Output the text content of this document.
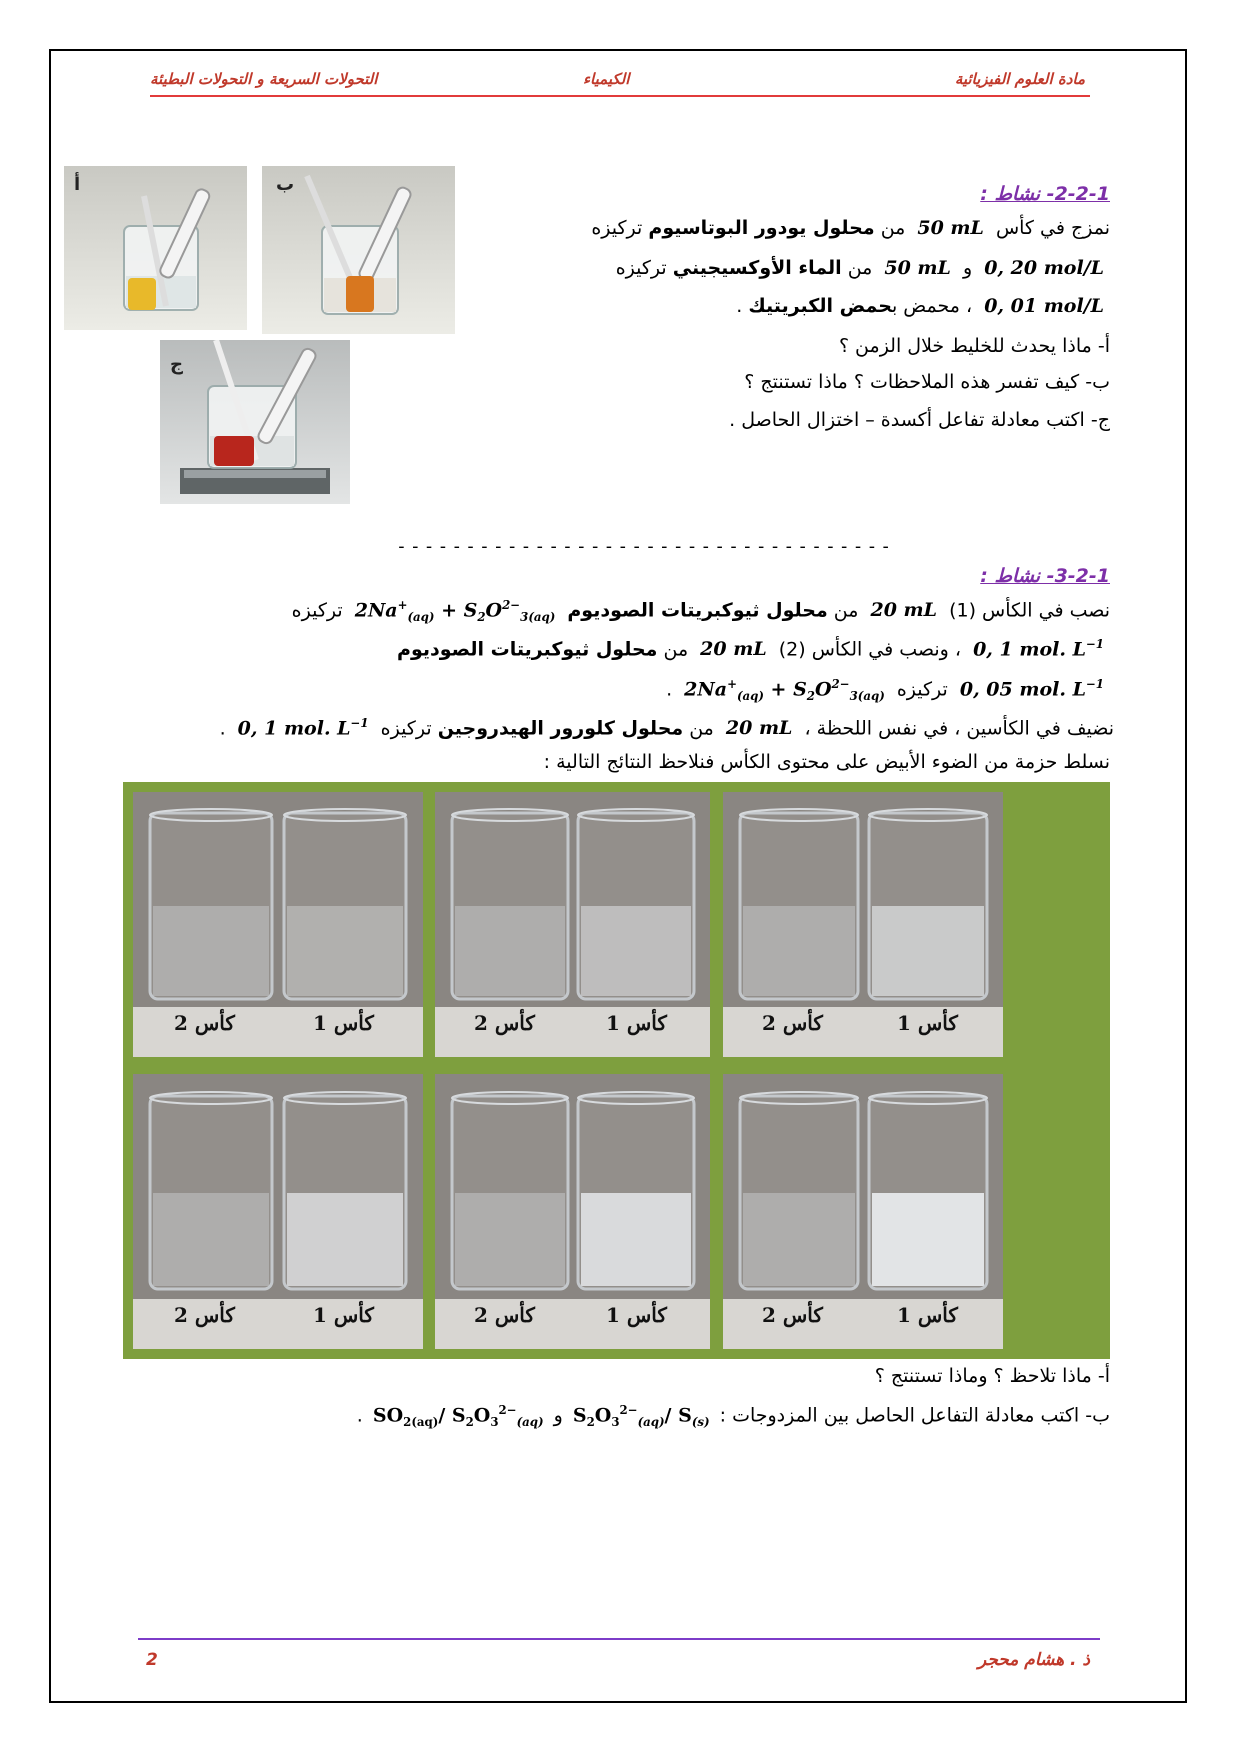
مادة العلوم الفيزيائية
الكيمياء
التحولات السريعة و التحولات البطيئة
أ	ب
ج
2-2-1- نشاط :
نمزج في كأس 50 mL من محلول يودور البوتاسيوم تركيزه
0, 20 mol/L و 50 mL من الماء الأوكسيجيني تركيزه
0, 01 mol/L ، محمض بحمض الكبريتيك .
أ- ماذا يحدث للخليط خلال الزمن ؟
ب- كيف تفسر هذه الملاحظات ؟ ماذا تستنتج ؟
ج- اكتب معادلة تفاعل أكسدة – اختزال الحاصل .
------------------------------------
3-2-1- نشاط :
نصب في الكأس (1) 20 mL من محلول ثيوكبريتات الصوديوم $2Na^+_{(aq)} + S_2O^{2-}_{3(aq)}$ تركيزه
0, 1 mol. $L^{-1}$ ، ونصب في الكأس (2) 20 mL من محلول ثيوكبريتات الصوديوم
0, 05 mol. $L^{-1}$ تركيزه $2Na^+_{(aq)} + S_2O^{2-}_{3(aq)}$ .
نضيف في الكأسين ، في نفس اللحظة ، 20 mL من محلول كلورور الهيدروجين تركيزه 0, 1 mol. $L^{-1}$ .
نسلط حزمة من الضوء الأبيض على محتوى الكأس فنلاحظ النتائج التالية :
كأس 2	كأس 1	كأس 2	كأس 1	كأس 2	كأس 1
كأس 2	كأس 1	كأس 2	كأس 1	كأس 2	كأس 1
أ- ماذا تلاحظ ؟ وماذا تستنتج ؟
ب- اكتب معادلة التفاعل الحاصل بين المزدوجات : $S_2O_3^{2-}_{(aq)}/$ $S_{(s)}$ و $SO_{2(aq)}/$ $S_2O_3^{2-}_{(aq)}$ .
ذ . هشام محجر
2
